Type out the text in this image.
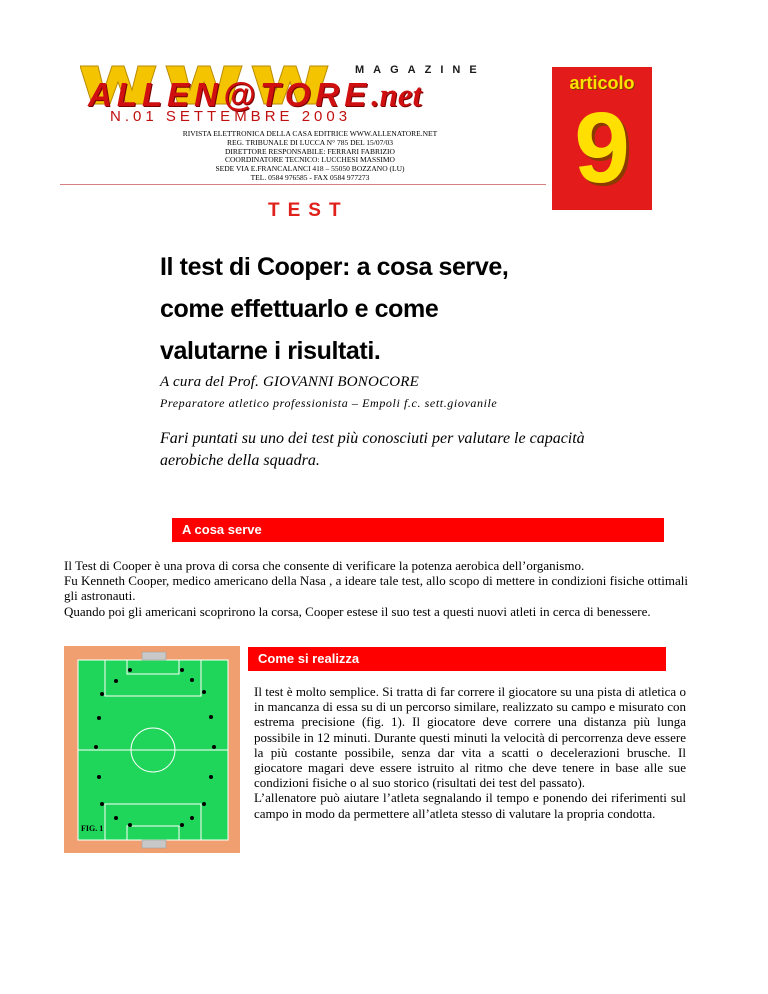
MAGAZINE
ALLEN@TORE.net
N.01 SETTEMBRE 2003
RIVISTA ELETTRONICA DELLA CASA EDITRICE WWW.ALLENATORE.NET
REG. TRIBUNALE DI LUCCA N° 785 DEL 15/07/03
DIRETTORE RESPONSABILE: FERRARI FABRIZIO
COORDINATORE TECNICO: LUCCHESI MASSIMO
SEDE VIA E.FRANCALANCI 418 – 55050 BOZZANO (LU)
TEL. 0584 976585 - FAX 0584 977273
articolo
9
TEST
Il test di Cooper: a cosa serve,
come effettuarlo e come
valutarne i risultati.
A cura del Prof. GIOVANNI BONOCORE
Preparatore atletico professionista – Empoli f.c. sett.giovanile
Fari puntati su uno dei test più conosciuti per valutare le capacità aerobiche della squadra.
A cosa serve

Il Test di Cooper è una prova di corsa che consente di verificare la potenza aerobica dell’organismo.

Fu Kenneth Cooper, medico americano della Nasa , a ideare tale test, allo scopo di mettere in condizioni fisiche ottimali gli astronauti.

Quando poi gli americani scoprirono la corsa, Cooper estese il suo test a questi nuovi atleti in cerca di benessere.

FIG. 1
Come si realizza

Il test è molto semplice. Si tratta di far correre il giocatore su una pista di atletica o in mancanza di essa su di un percorso similare, realizzato su campo e misurato con estrema precisione (fig. 1). Il giocatore deve correre una distanza più lunga possibile in 12 minuti. Durante questi minuti la velocità di percorrenza deve essere la più costante possibile, senza dar vita a scatti o decelerazioni brusche. Il giocatore magari deve essere istruito al ritmo che deve tenere in base alle sue condizioni fisiche o al suo storico (risultati dei test del passato).

L’allenatore può aiutare l’atleta segnalando il tempo e ponendo dei riferimenti sul campo in modo da permettere all’atleta stesso di valutare la propria condotta.
